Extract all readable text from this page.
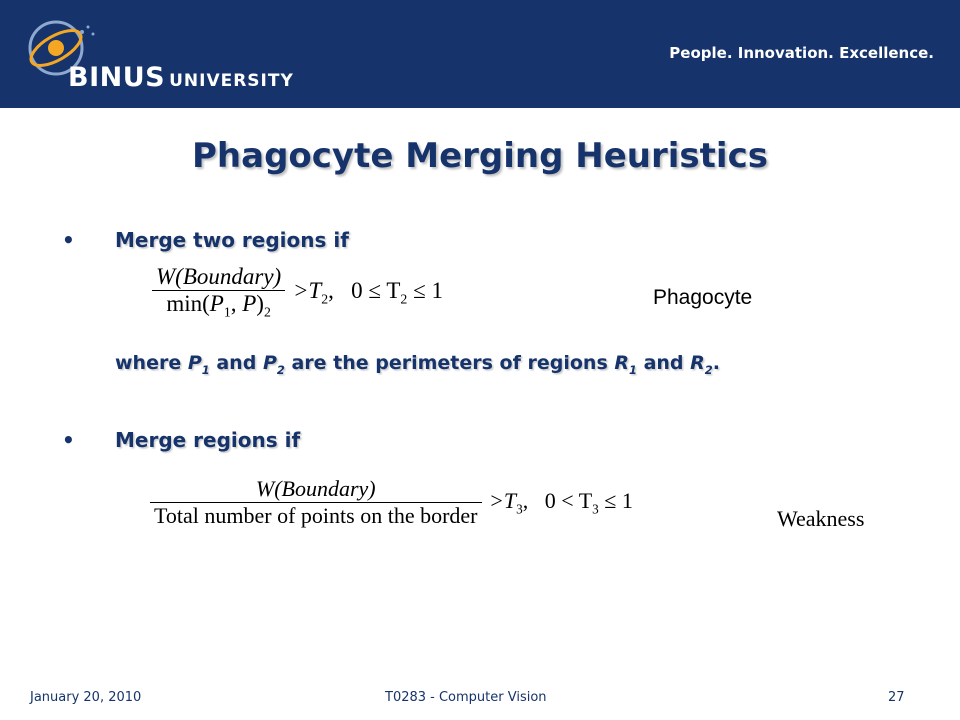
BINUS UNIVERSITY
People. Innovation. Excellence.
Phagocyte Merging Heuristics
• Merge two regions if
$\frac{\text{W(Boundary)}}{\min(P_1, P)_2} >T_2$,   $0 \le T_2 \le 1$	Phagocyte
where $P_1$ and $P_2$ are the perimeters of regions $R_1$ and $R_2$.
• Merge regions if
$\frac{\text{W(Boundary)}}{\text{Total number of points on the border}} >T_3$,   $0 < T_3 \le 1$
Weakness
January 20, 2010	T0283 - Computer Vision	27
